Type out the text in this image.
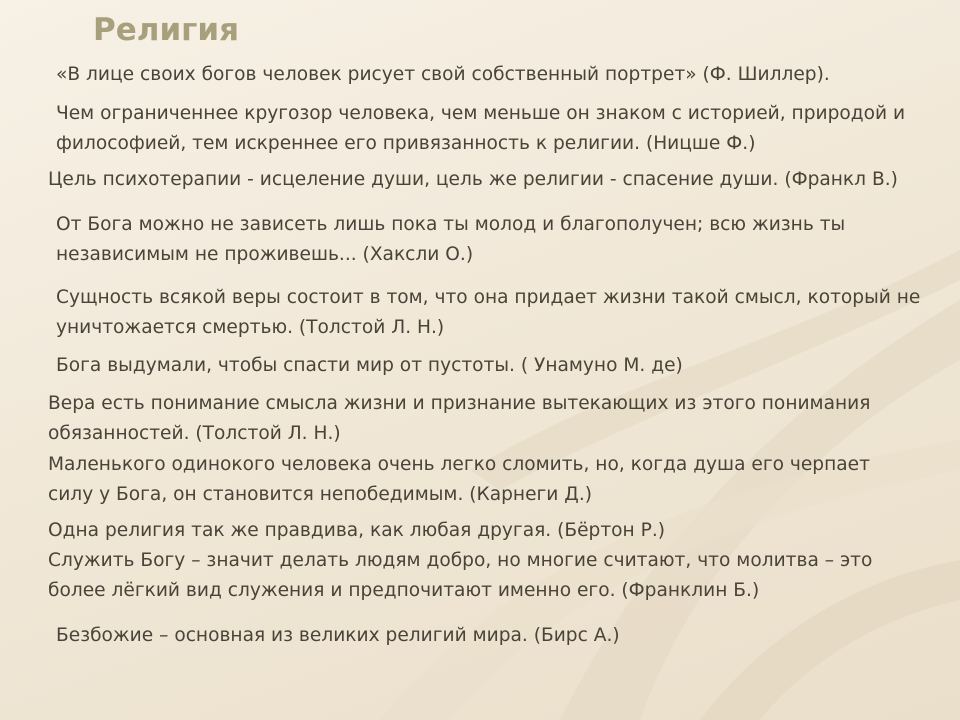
Религия

«В лице своих богов человек рисует свой собственный портрет» (Ф. Шиллер).

Чем ограниченнее кругозор человека, чем меньше он знаком с историей, природой и
философией, тем искреннее его привязанность к религии. (Ницше Ф.)

Цель психотерапии - исцеление души, цель же религии - спасение души. (Франкл В.)

От Бога можно не зависеть лишь пока ты молод и благополучен; всю жизнь ты
независимым не проживешь... (Хаксли О.)

Сущность всякой веры состоит в том, что она придает жизни такой смысл, который не
уничтожается смертью. (Толстой Л. Н.)

Бога выдумали, чтобы спасти мир от пустоты. ( Унамуно М. де)

Вера есть понимание смысла жизни и признание вытекающих из этого понимания
обязанностей. (Толстой Л. Н.)

Маленького одинокого человека очень легко сломить, но, когда душа его черпает
силу у Бога, он становится непобедимым. (Карнеги Д.)

Одна религия так же правдива, как любая другая. (Бёртон Р.)

Служить Богу – значит делать людям добро, но многие считают, что молитва – это
более лёгкий вид служения и предпочитают именно его. (Франклин Б.)

Безбожие – основная из великих религий мира. (Бирс А.)
